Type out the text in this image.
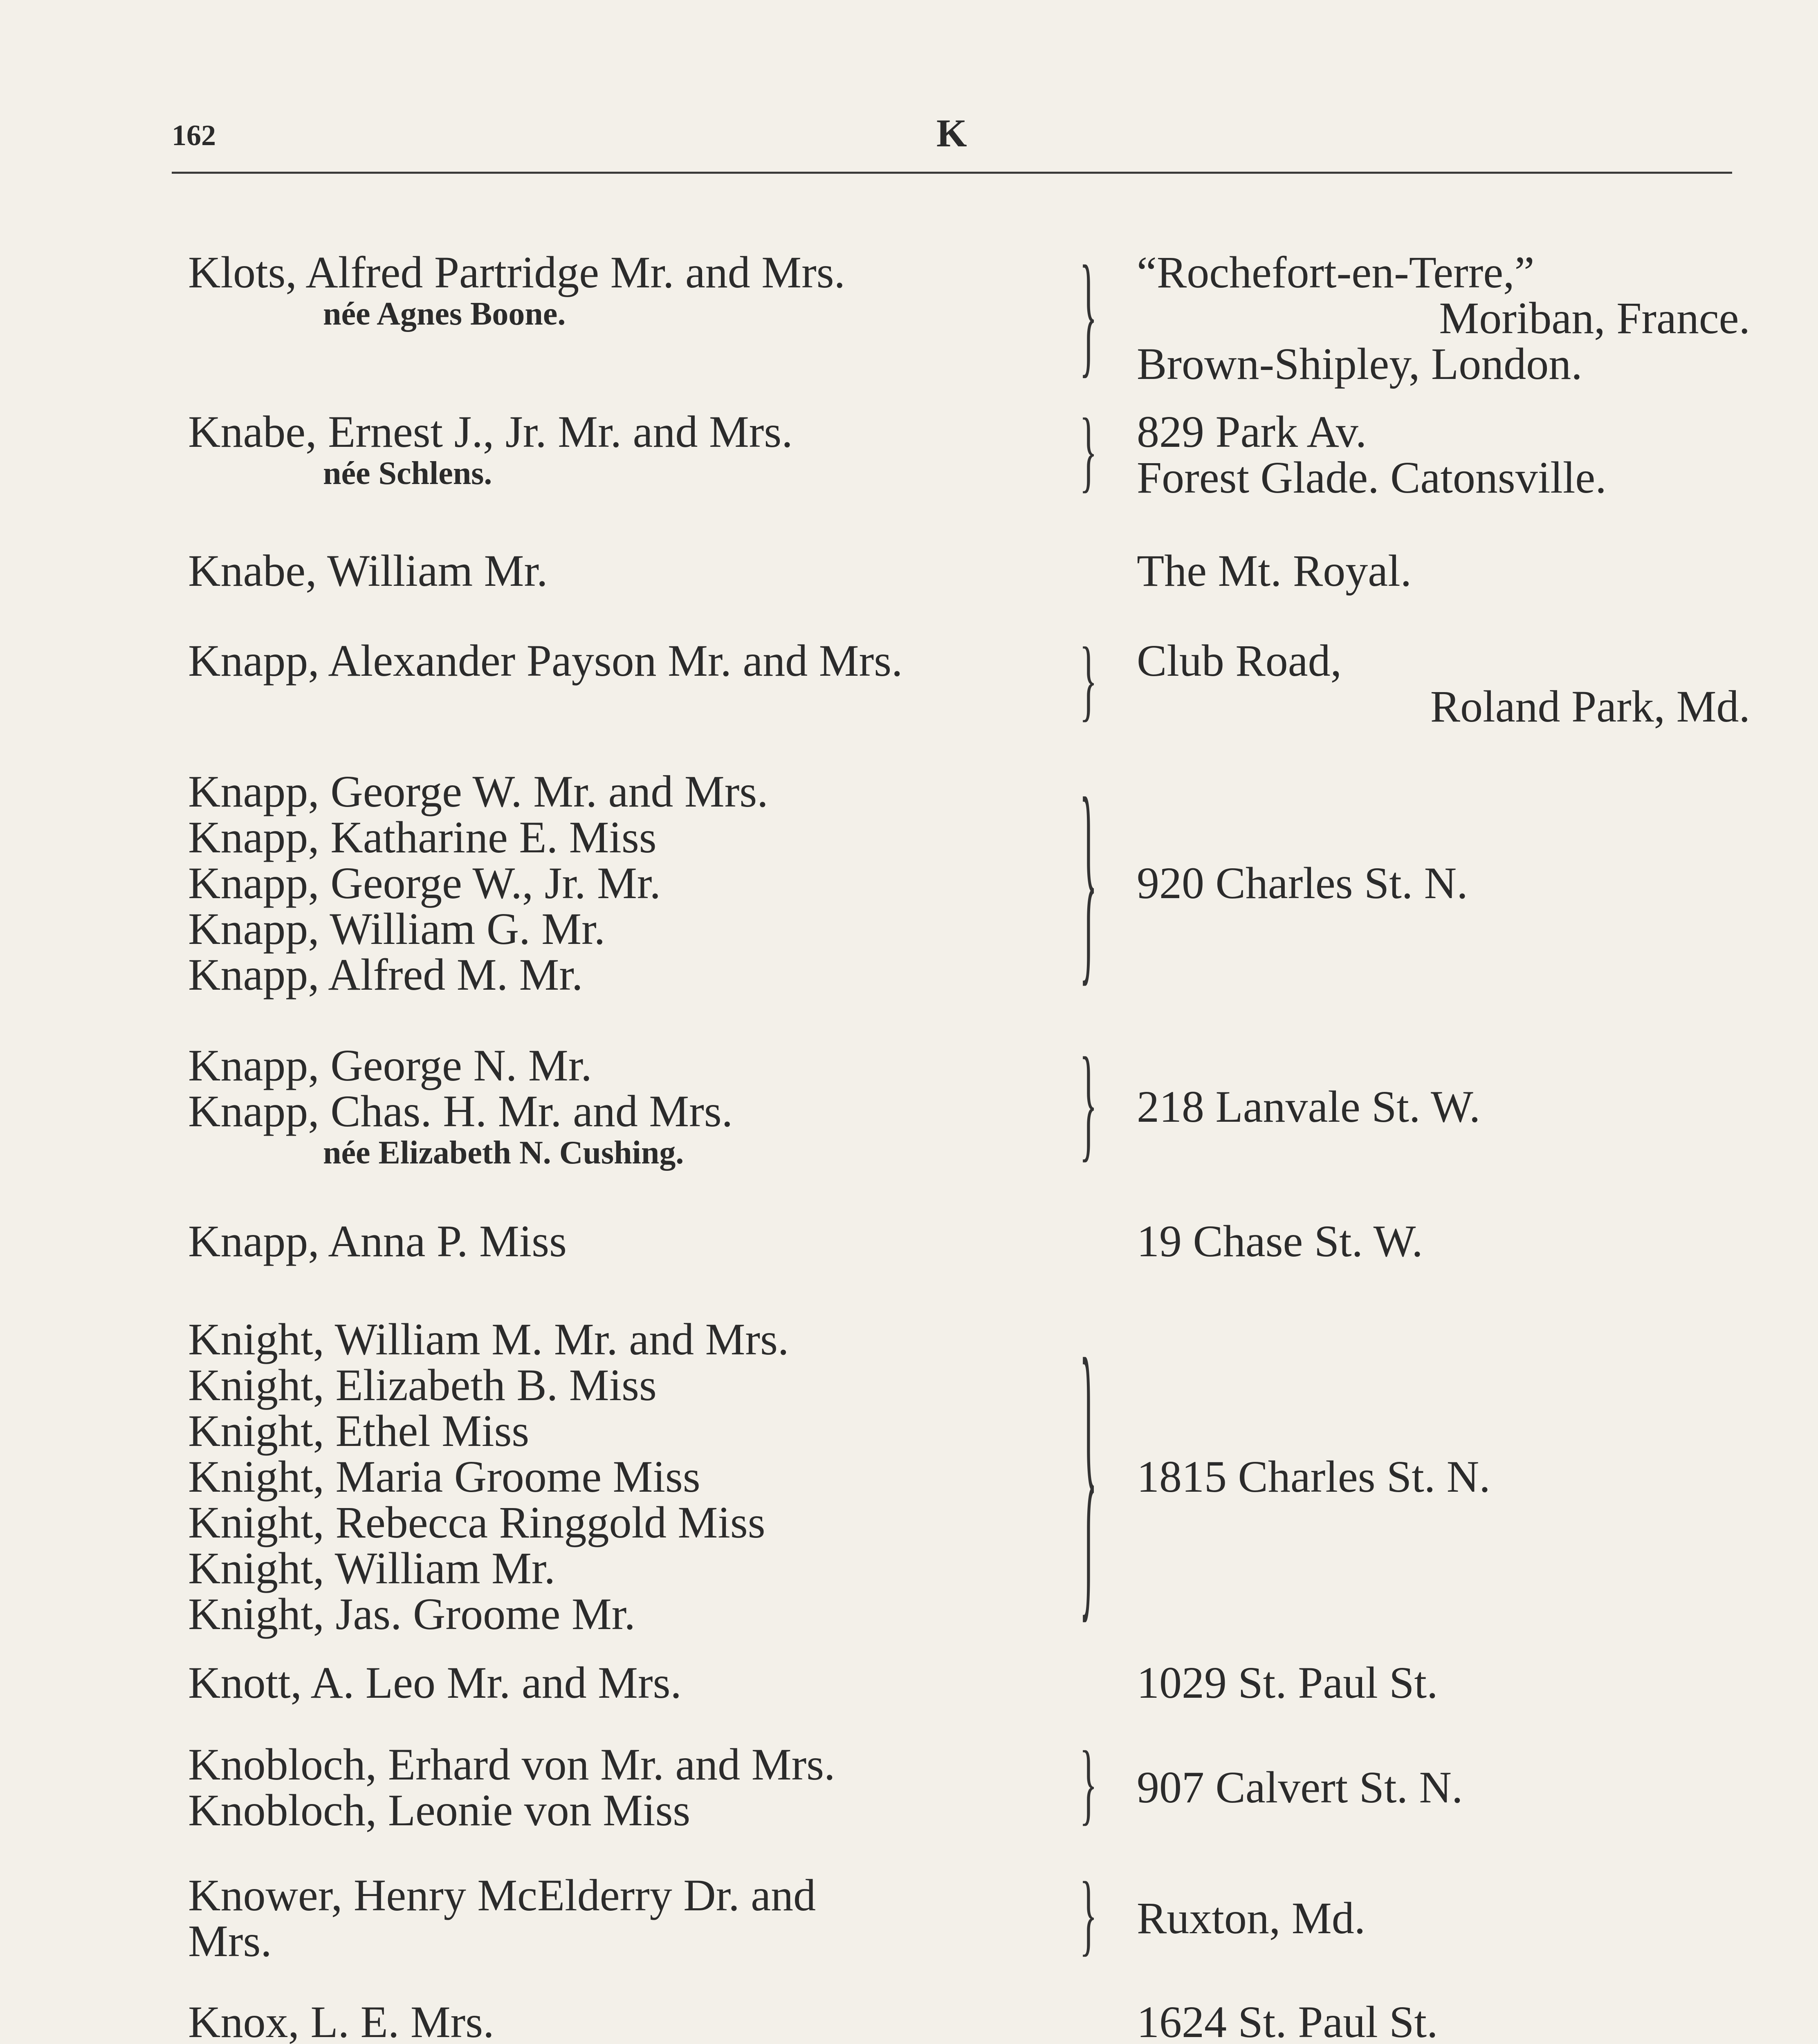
162	K
Klots, Alfred Partridge Mr. and Mrs.
née Agnes Boone.	} “Rochefort-en-Terre,”
Moriban, France.
Brown-Shipley, London.
Knabe, Ernest J., Jr. Mr. and Mrs.
née Schlens.	} 829 Park Av.
Forest Glade. Catonsville.
Knabe, William Mr.	The Mt. Royal.
Knapp, Alexander Payson Mr. and Mrs.	} Club Road,
Roland Park, Md.
Knapp, George W. Mr. and Mrs.
Knapp, Katharine E. Miss
Knapp, George W., Jr. Mr.
Knapp, William G. Mr.
Knapp, Alfred M. Mr.	} 920 Charles St. N.
Knapp, George N. Mr.
Knapp, Chas. H. Mr. and Mrs.
née Elizabeth N. Cushing.	} 218 Lanvale St. W.
Knapp, Anna P. Miss	19 Chase St. W.
Knight, William M. Mr. and Mrs.
Knight, Elizabeth B. Miss
Knight, Ethel Miss
Knight, Maria Groome Miss
Knight, Rebecca Ringgold Miss
Knight, William Mr.
Knight, Jas. Groome Mr.	} 1815 Charles St. N.
Knott, A. Leo Mr. and Mrs.	1029 St. Paul St.
Knobloch, Erhard von Mr. and Mrs.
Knobloch, Leonie von Miss	} 907 Calvert St. N.
Knower, Henry McElderry Dr. and
Mrs.	} Ruxton, Md.
Knox, L. E. Mrs.	1624 St. Paul St.
